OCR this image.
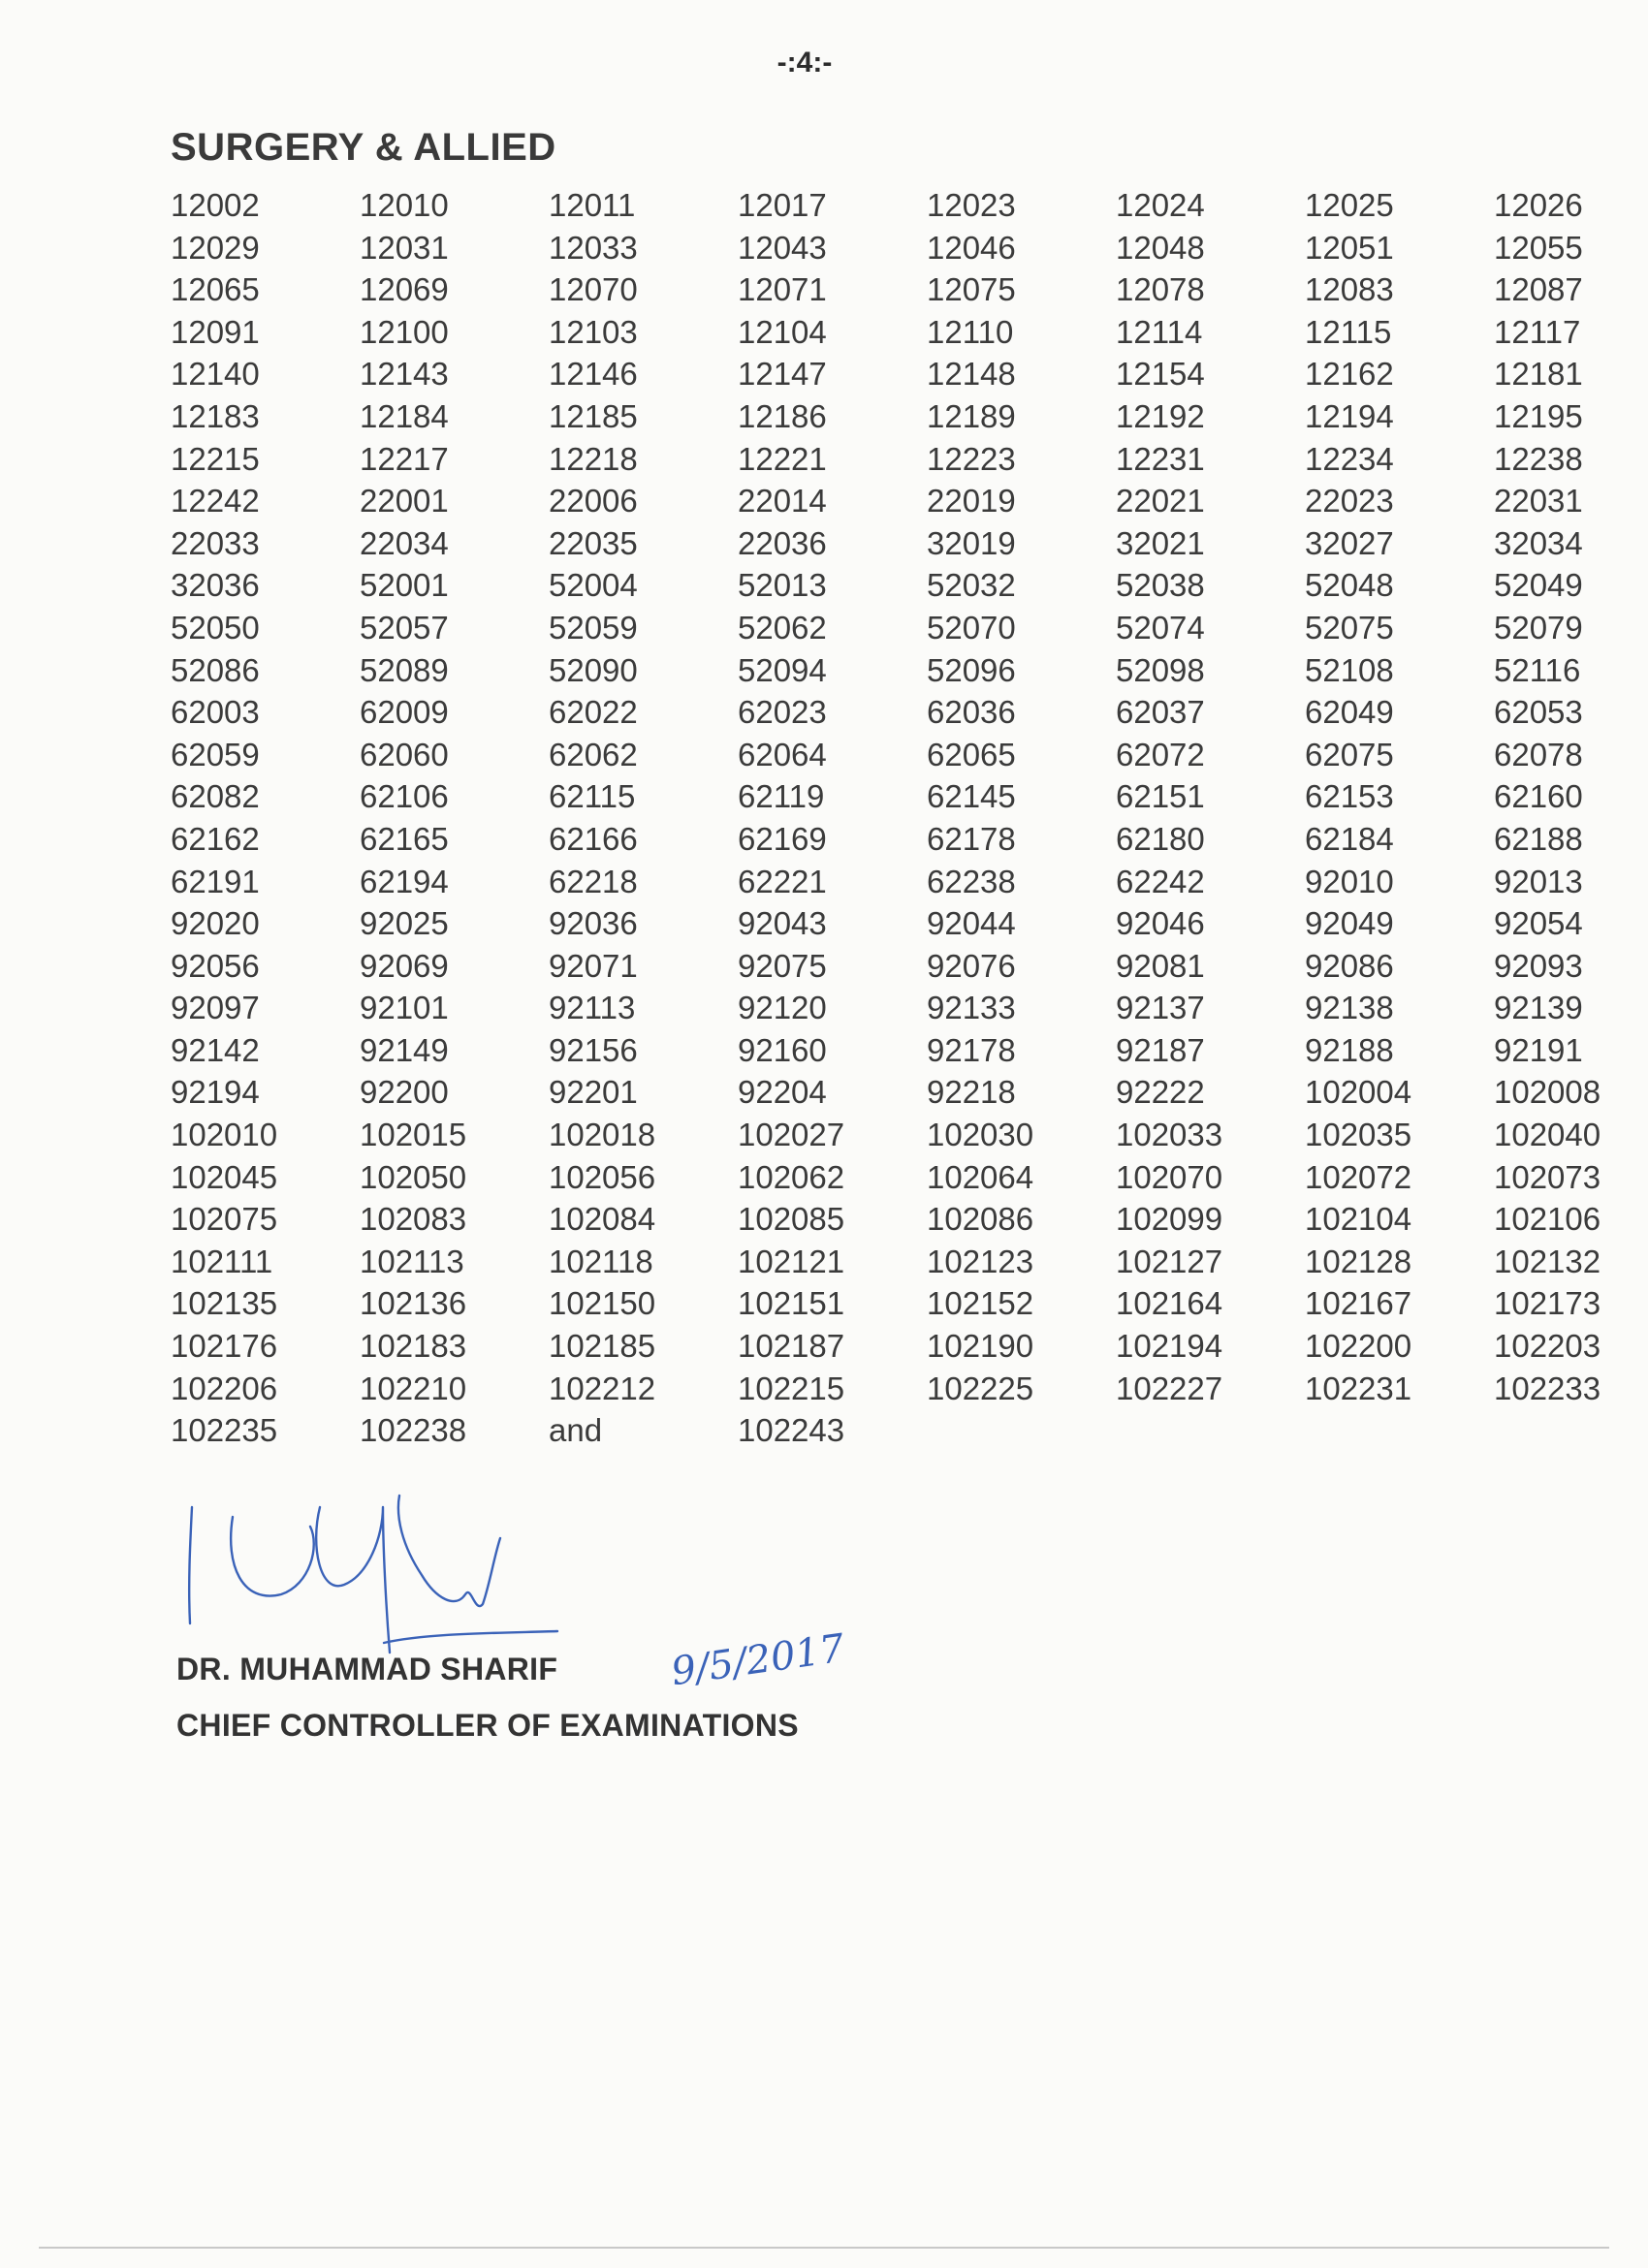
-:4:-
SURGERY & ALLIED
12002	12010	12011	12017	12023	12024	12025	12026
12029	12031	12033	12043	12046	12048	12051	12055
12065	12069	12070	12071	12075	12078	12083	12087
12091	12100	12103	12104	12110	12114	12115	12117
12140	12143	12146	12147	12148	12154	12162	12181
12183	12184	12185	12186	12189	12192	12194	12195
12215	12217	12218	12221	12223	12231	12234	12238
12242	22001	22006	22014	22019	22021	22023	22031
22033	22034	22035	22036	32019	32021	32027	32034
32036	52001	52004	52013	52032	52038	52048	52049
52050	52057	52059	52062	52070	52074	52075	52079
52086	52089	52090	52094	52096	52098	52108	52116
62003	62009	62022	62023	62036	62037	62049	62053
62059	62060	62062	62064	62065	62072	62075	62078
62082	62106	62115	62119	62145	62151	62153	62160
62162	62165	62166	62169	62178	62180	62184	62188
62191	62194	62218	62221	62238	62242	92010	92013
92020	92025	92036	92043	92044	92046	92049	92054
92056	92069	92071	92075	92076	92081	92086	92093
92097	92101	92113	92120	92133	92137	92138	92139
92142	92149	92156	92160	92178	92187	92188	92191
92194	92200	92201	92204	92218	92222	102004	102008
102010	102015	102018	102027	102030	102033	102035	102040
102045	102050	102056	102062	102064	102070	102072	102073
102075	102083	102084	102085	102086	102099	102104	102106
102111	102113	102118	102121	102123	102127	102128	102132
102135	102136	102150	102151	102152	102164	102167	102173
102176	102183	102185	102187	102190	102194	102200	102203
102206	102210	102212	102215	102225	102227	102231	102233
102235	102238	and	102243
DR. MUHAMMAD SHARIF
CHIEF CONTROLLER OF EXAMINATIONS
9/5/2017
